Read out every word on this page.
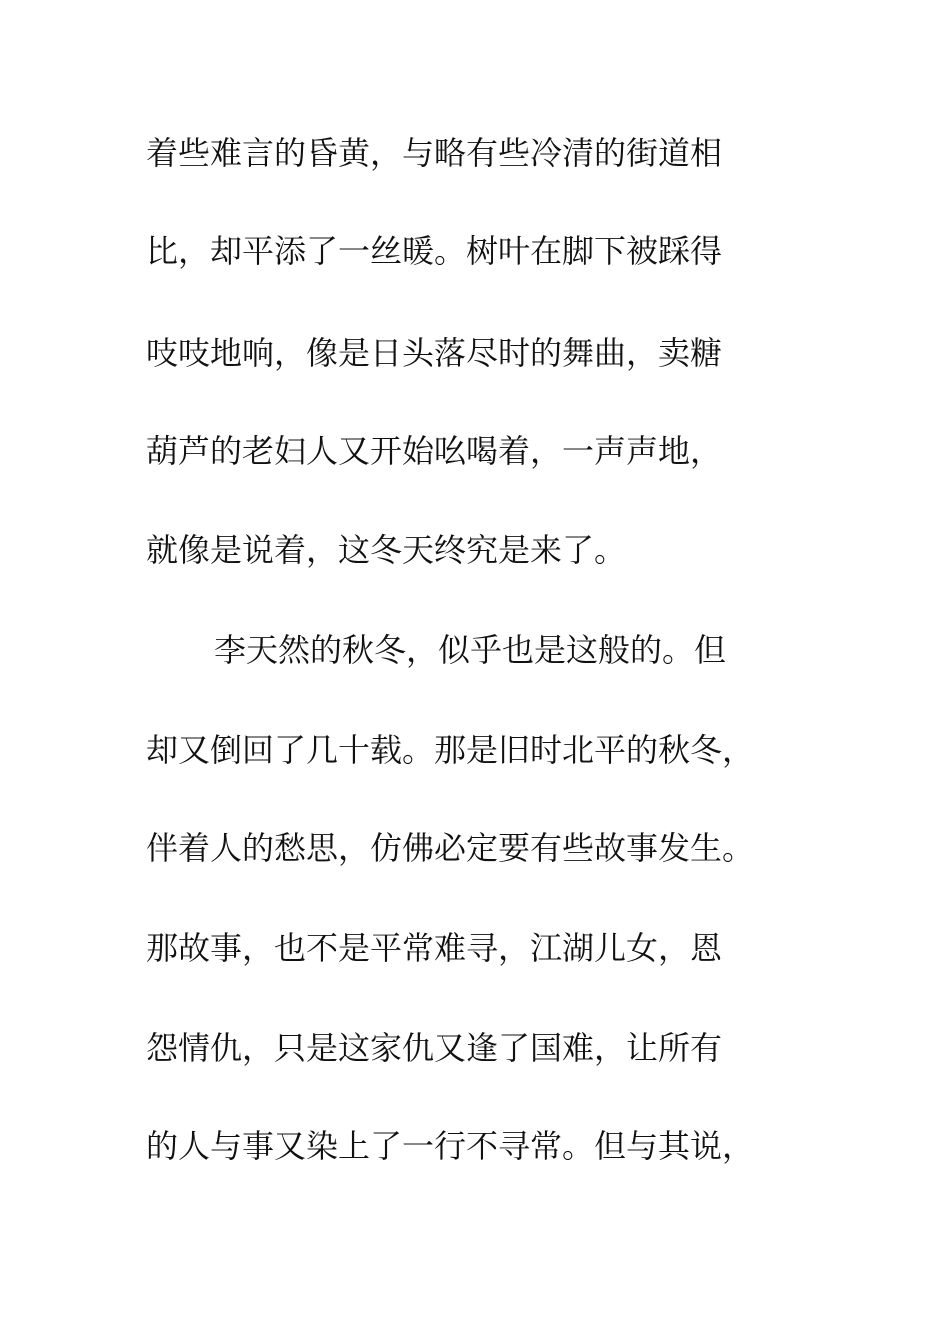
着些难言的昏黄，与略有些冷清的街道相
比，却平添了一丝暖。树叶在脚下被踩得
吱吱地响，像是日头落尽时的舞曲，卖糖
葫芦的老妇人又开始吆喝着，一声声地，
就像是说着，这冬天终究是来了。
李天然的秋冬，似乎也是这般的。但
却又倒回了几十载。那是旧时北平的秋冬，
伴着人的愁思，仿佛必定要有些故事发生。
那故事，也不是平常难寻，江湖儿女，恩
怨情仇，只是这家仇又逢了国难，让所有
的人与事又染上了一行不寻常。但与其说，
